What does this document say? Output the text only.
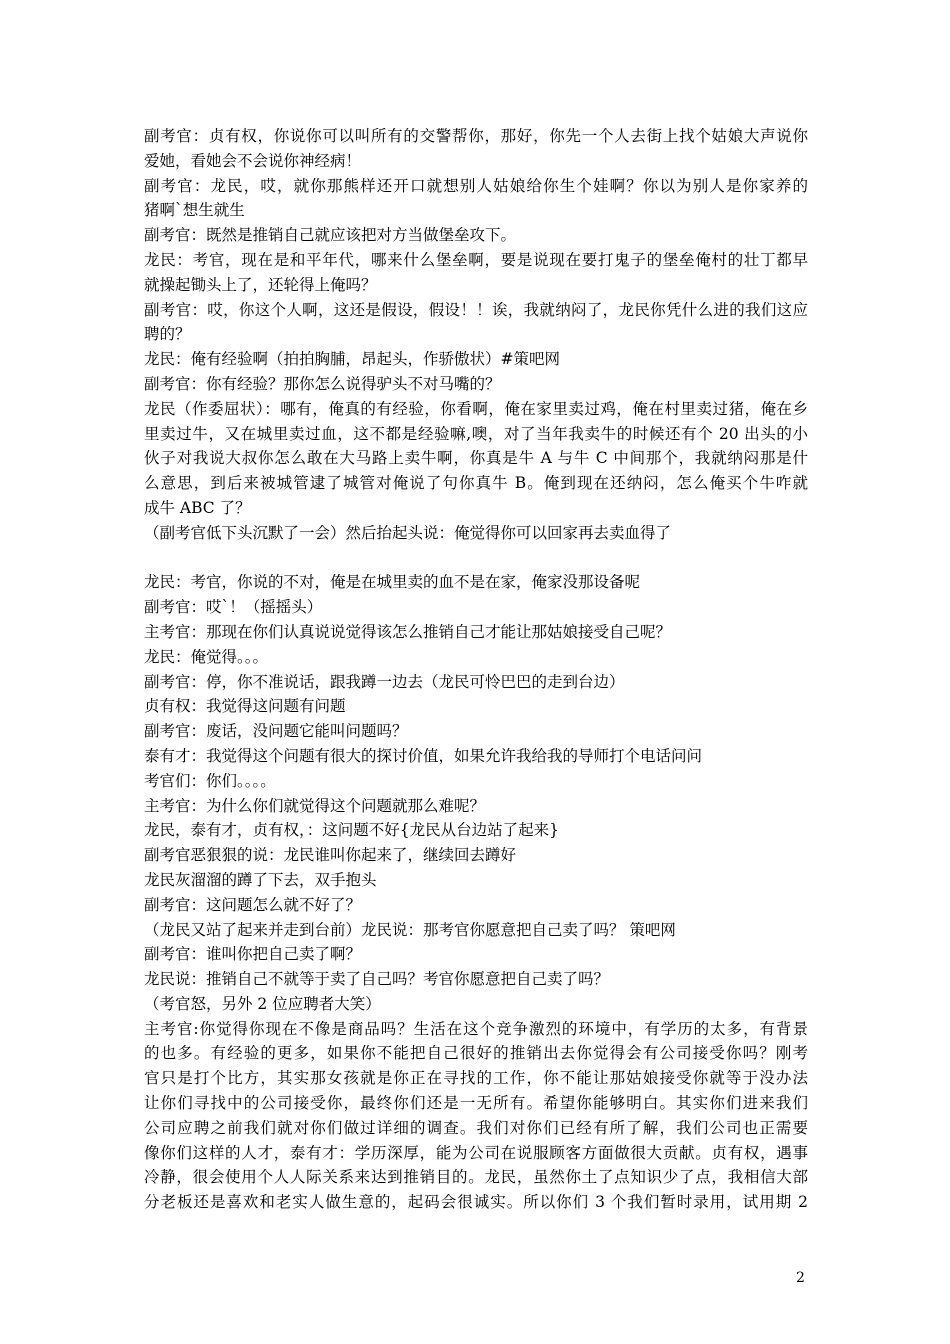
副考官：贞有权，你说你可以叫所有的交警帮你，那好，你先一个人去街上找个姑娘大声说你
爱她，看她会不会说你神经病！
副考官：龙民，哎，就你那熊样还开口就想别人姑娘给你生个娃啊？你以为别人是你家养的
猪啊`想生就生
副考官：既然是推销自己就应该把对方当做堡垒攻下。
龙民：考官，现在是和平年代，哪来什么堡垒啊，要是说现在要打鬼子的堡垒俺村的壮丁都早
就操起锄头上了，还轮得上俺吗？
副考官：哎，你这个人啊，这还是假设，假设！！诶，我就纳闷了，龙民你凭什么进的我们这应
聘的？
龙民：俺有经验啊（拍拍胸脯，昂起头，作骄傲状）#策吧网
副考官：你有经验？那你怎么说得驴头不对马嘴的？
龙民（作委屈状）：哪有，俺真的有经验，你看啊，俺在家里卖过鸡，俺在村里卖过猪，俺在乡
里卖过牛，又在城里卖过血，这不都是经验嘛,噢，对了当年我卖牛的时候还有个 20 出头的小
伙子对我说大叔你怎么敢在大马路上卖牛啊，你真是牛 A 与牛 C 中间那个，我就纳闷那是什
么意思，到后来被城管逮了城管对俺说了句你真牛 B。俺到现在还纳闷，怎么俺买个牛咋就
成牛 ABC 了？
（副考官低下头沉默了一会）然后抬起头说：俺觉得你可以回家再去卖血得了
龙民：考官，你说的不对，俺是在城里卖的血不是在家，俺家没那设备呢
副考官：哎`！（摇摇头）
主考官：那现在你们认真说说觉得该怎么推销自己才能让那姑娘接受自己呢？
龙民：俺觉得。。。
副考官：停，你不准说话，跟我蹲一边去（龙民可怜巴巴的走到台边）
贞有权：我觉得这问题有问题
副考官：废话，没问题它能叫问题吗？
泰有才：我觉得这个问题有很大的探讨价值，如果允许我给我的导师打个电话问问
考官们：你们。。。。
主考官：为什么你们就觉得这个问题就那么难呢？
龙民，泰有才，贞有权，：这问题不好{龙民从台边站了起来}
副考官恶狠狠的说：龙民谁叫你起来了，继续回去蹲好
龙民灰溜溜的蹲了下去，双手抱头
副考官：这问题怎么就不好了？
（龙民又站了起来并走到台前）龙民说：那考官你愿意把自己卖了吗？ 策吧网
副考官：谁叫你把自己卖了啊？
龙民说：推销自己不就等于卖了自己吗？考官你愿意把自己卖了吗？
（考官怒，另外 2 位应聘者大笑）
主考官:你觉得你现在不像是商品吗？生活在这个竞争激烈的环境中，有学历的太多，有背景
的也多。有经验的更多，如果你不能把自己很好的推销出去你觉得会有公司接受你吗？刚考
官只是打个比方，其实那女孩就是你正在寻找的工作，你不能让那姑娘接受你就等于没办法
让你们寻找中的公司接受你，最终你们还是一无所有。希望你能够明白。其实你们进来我们
公司应聘之前我们就对你们做过详细的调查。我们对你们已经有所了解，我们公司也正需要
像你们这样的人才，泰有才：学历深厚，能为公司在说服顾客方面做很大贡献。贞有权，遇事
冷静，很会使用个人人际关系来达到推销目的。龙民，虽然你土了点知识少了点，我相信大部
分老板还是喜欢和老实人做生意的，起码会很诚实。所以你们 3 个我们暂时录用，试用期 2
2
